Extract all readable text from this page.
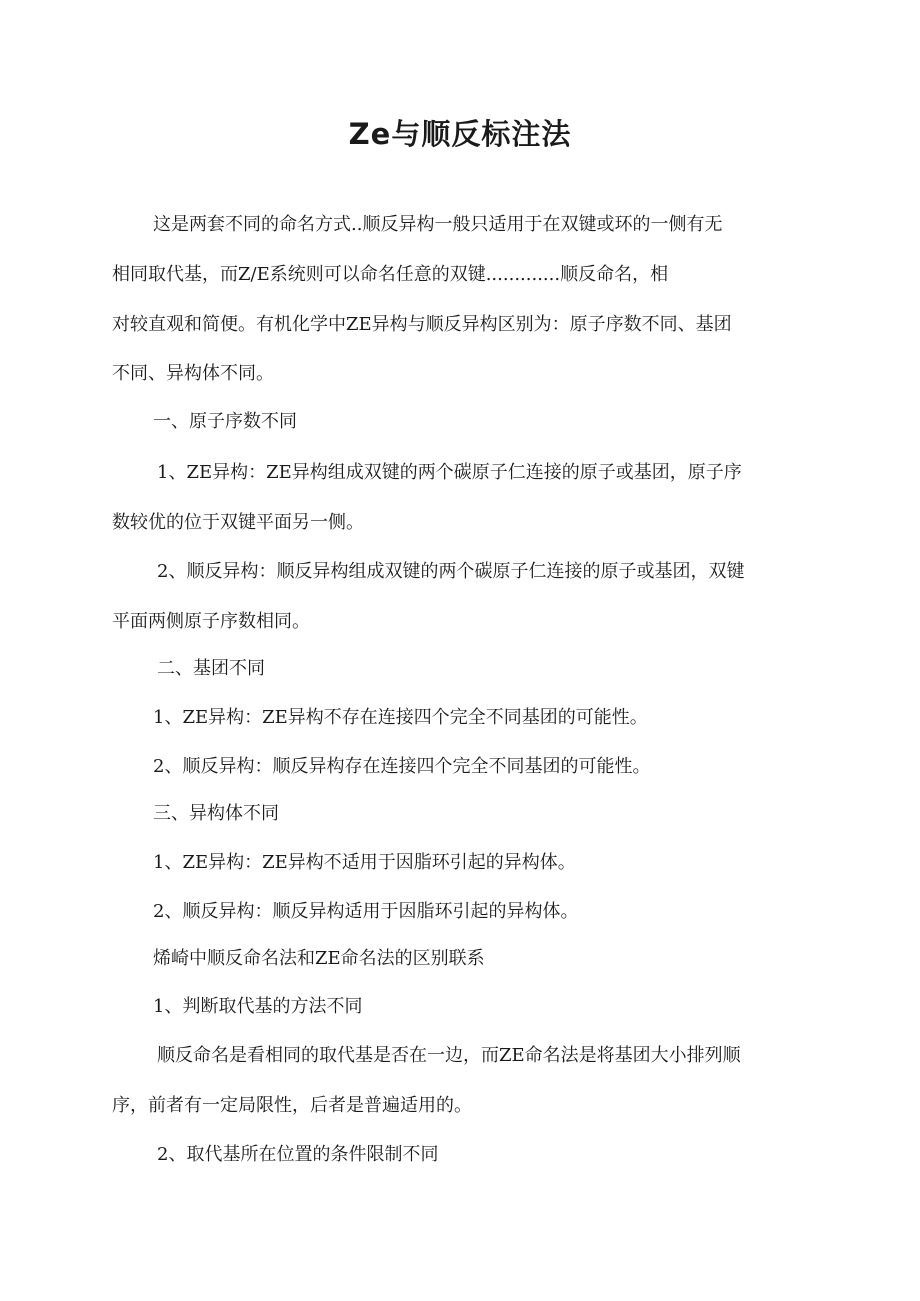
Ze与顺反标注法

这是两套不同的命名方式..顺反异构一般只适用于在双键或环的一侧有无

相同取代基，而Z/E系统则可以命名任意的双键.............顺反命名，相

对较直观和简便。有机化学中ZE异构与顺反异构区别为：原子序数不同、基团

不同、异构体不同。

一、原子序数不同

1、ZE异构：ZE异构组成双键的两个碳原子仁连接的原子或基团，原子序

数较优的位于双键平面另一侧。

2、顺反异构：顺反异构组成双键的两个碳原子仁连接的原子或基团，双键

平面两侧原子序数相同。

二、基团不同

1、ZE异构：ZE异构不存在连接四个完全不同基团的可能性。

2、顺反异构：顺反异构存在连接四个完全不同基团的可能性。

三、异构体不同

1、ZE异构：ZE异构不适用于因脂环引起的异构体。

2、顺反异构：顺反异构适用于因脂环引起的异构体。

烯崎中顺反命名法和ZE命名法的区别联系

1、判断取代基的方法不同

顺反命名是看相同的取代基是否在一边，而ZE命名法是将基团大小排列顺

序，前者有一定局限性，后者是普遍适用的。

2、取代基所在位置的条件限制不同
